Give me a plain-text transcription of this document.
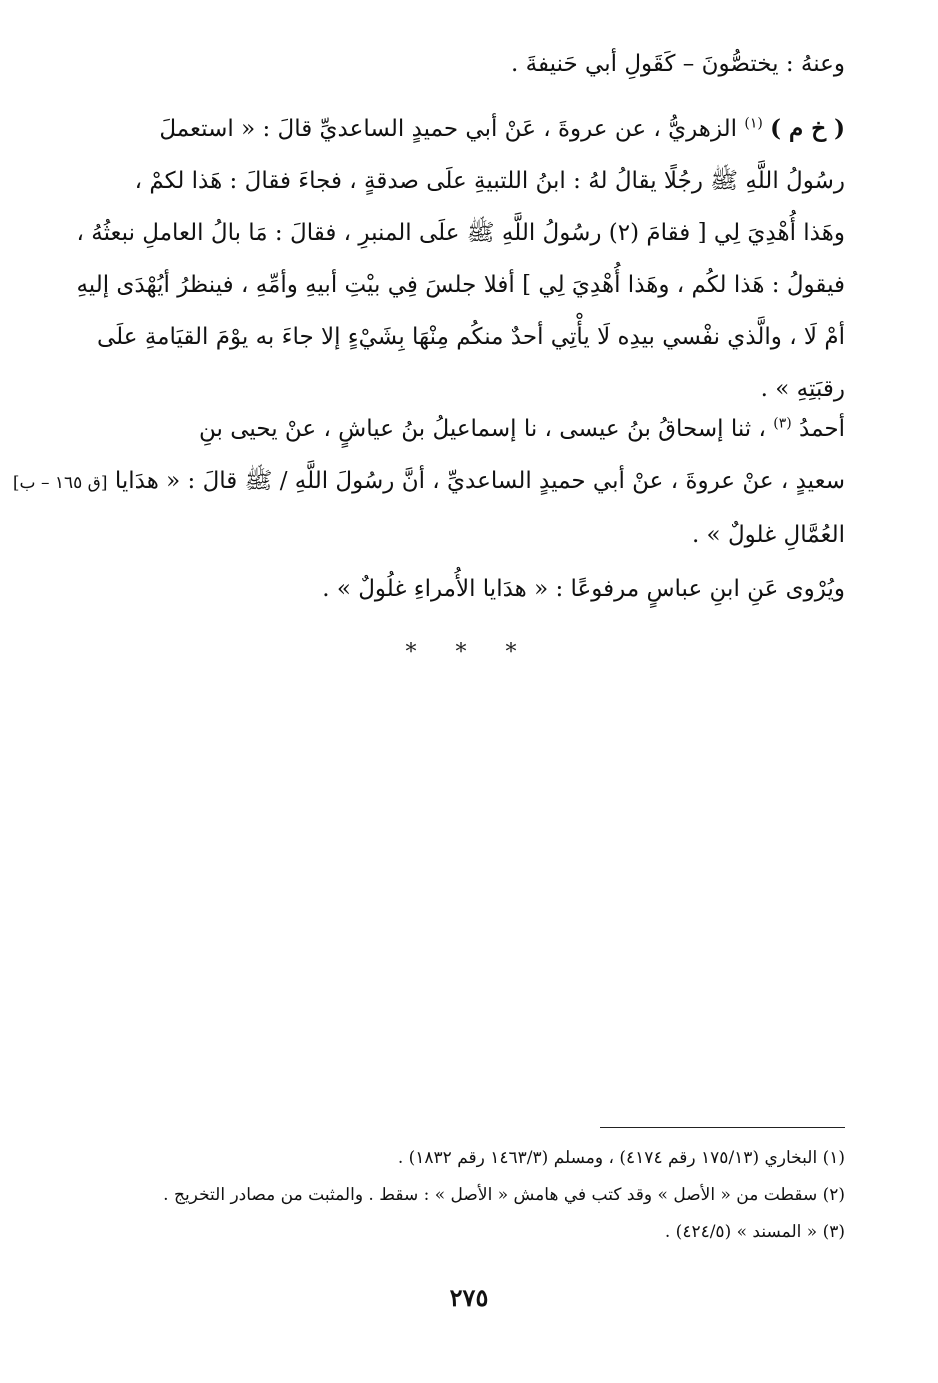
وعنهُ : يختصُّونَ – كَقَولِ أبي حَنيفةَ .
( خ م ) $^{(١)}$ الزهريُّ ، عن عروةَ ، عَنْ أبي حميدٍ الساعديِّ قالَ : « استعملَ
رسُولُ اللَّهِ ﷺ رجُلًا يقالُ لهُ : ابنُ اللتبيةِ علَى صدقةٍ ، فجاءَ فقالَ : هَذا لكمْ ،
وهَذا أُهْدِيَ لِي [ فقامَ (٢) رسُولُ اللَّهِ ﷺ علَى المنبرِ ، فقالَ : مَا بالُ العاملِ نبعثُهُ ،
فيقولُ : هَذا لكُم ، وهَذا أُهْدِيَ لِي ] أفلا جلسَ فِي بيْتِ أبيهِ وأمِّهِ ، فينظرُ أيُهْدَى إليهِ
أمْ لَا ، والَّذي نفْسي بيدِه لَا يأْتِي أحدٌ منكُم مِنْهَا بِشَيْءٍ إلا جاءَ به يوْمَ القيَامةِ علَى
رقبَتِهِ » .
أحمدُ $^{(٣)}$ ، ثنا إسحاقُ بنُ عيسى ، نا إسماعيلُ بنُ عياشٍ ، عنْ يحيى بنِ
سعيدٍ ، عنْ عروةَ ، عنْ أبي حميدٍ الساعديِّ ، أنَّ رسُولَ اللَّهِ / ﷺ قالَ : « هدَايا [ق ١٦٥ – ب]
العُمَّالِ غلولٌ » .
ويُرْوى عَنِ ابنِ عباسٍ مرفوعًا : « هدَايا الأُمراءِ غلُولٌ » .
* * *
(١) البخاري (١٧٥/١٣ رقم ٤١٧٤) ، ومسلم (١٤٦٣/٣ رقم ١٨٣٢) .
(٢) سقطت من « الأصل » وقد كتب في هامش « الأصل » : سقط . والمثبت من مصادر التخريج .
(٣) « المسند » (٤٢٤/٥) .
٢٧٥
